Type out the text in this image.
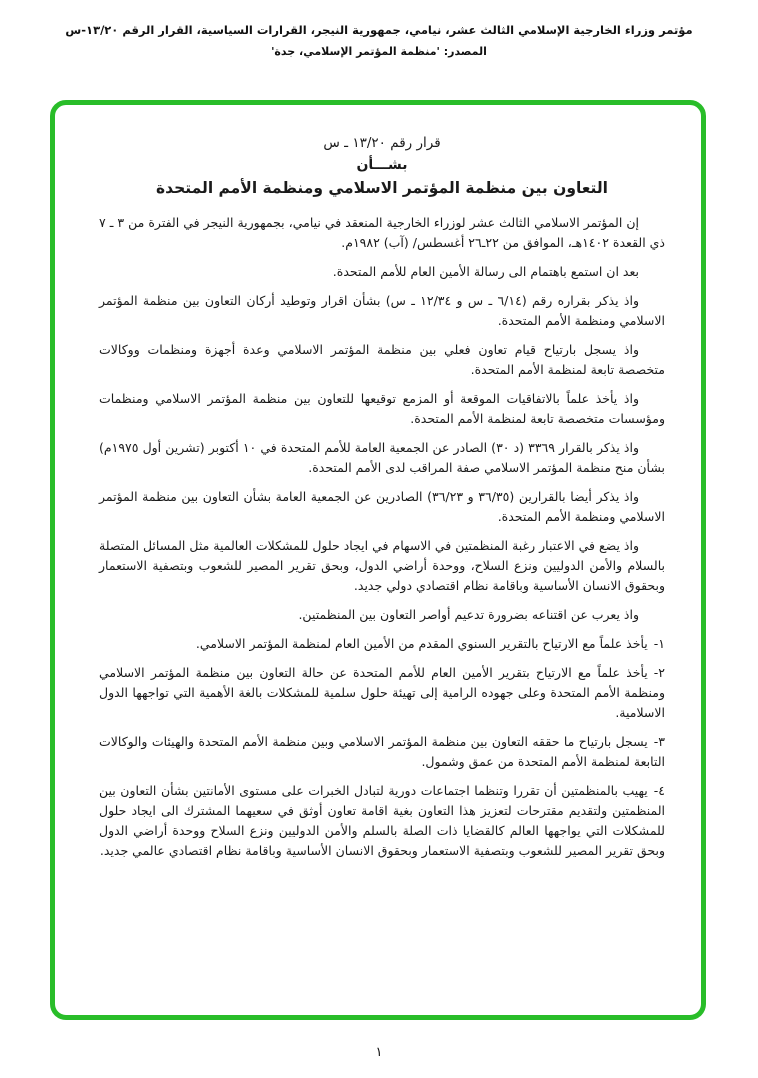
مؤتمر وزراء الخارجية الإسلامي الثالث عشر، نيامي، جمهورية النيجر، القرارات السياسية، القرار الرقم ١٣/٢٠-س
المصدر: 'منظمة المؤتمر الإسلامي، جدة'
قرار رقم ١٣/٢٠ ـ س
بشـــأن
التعاون بين منظمة المؤتمر الاسلامي ومنظمة الأمم المتحدة

إن المؤتمر الاسلامي الثالث عشر لوزراء الخارجية المنعقد في نيامي، بجمهورية النيجر في الفترة من ٣ ـ ٧ ذي القعدة ١٤٠٢هـ، الموافق من ٢٢ـ٢٦ أغسطس/ (آب) ١٩٨٢م.

بعد ان استمع باهتمام الى رسالة الأمين العام للأمم المتحدة.

واذ يذكر بقراره رقم (٦/١٤ ـ س و ١٢/٣٤ ـ س) بشأن اقرار وتوطيد أركان التعاون بين منظمة المؤتمر الاسلامي ومنظمة الأمم المتحدة.

واذ يسجل بارتياح قيام تعاون فعلي بين منظمة المؤتمر الاسلامي وعدة أجهزة ومنظمات ووكالات متخصصة تابعة لمنظمة الأمم المتحدة.

واذ يأخذ علماً بالاتفاقيات الموقعة أو المزمع توقيعها للتعاون بين منظمة المؤتمر الاسلامي ومنظمات ومؤسسات متخصصة تابعة لمنظمة الأمم المتحدة.

واذ يذكر بالقرار ٣٣٦٩ (د ٣٠) الصادر عن الجمعية العامة للأمم المتحدة في ١٠ أكتوبر (تشرين أول ١٩٧٥م) بشأن منح منظمة المؤتمر الاسلامي صفة المراقب لدى الأمم المتحدة.

واذ يذكر أيضا بالقرارين (٣٦/٣٥ و ٣٦/٢٣) الصادرين عن الجمعية العامة بشأن التعاون بين منظمة المؤتمر الاسلامي ومنظمة الأمم المتحدة.

واذ يضع في الاعتبار رغبة المنظمتين في الاسهام في ايجاد حلول للمشكلات العالمية مثل المسائل المتصلة بالسلام والأمن الدوليين ونزع السلاح، ووحدة أراضي الدول، وبحق تقرير المصير للشعوب وبتصفية الاستعمار وبحقوق الانسان الأساسية وباقامة نظام اقتصادي دولي جديد.

واذ يعرب عن اقتناعه بضرورة تدعيم أواصر التعاون بين المنظمتين.

١-يأخذ علماً مع الارتياح بالتقرير السنوي المقدم من الأمين العام لمنظمة المؤتمر الاسلامي.

٢-يأخذ علماً مع الارتياح بتقرير الأمين العام للأمم المتحدة عن حالة التعاون بين منظمة المؤتمر الاسلامي ومنظمة الأمم المتحدة وعلى جهوده الرامية إلى تهيئة حلول سلمية للمشكلات بالغة الأهمية التي تواجهها الدول الاسلامية.

٣-يسجل بارتياح ما حققه التعاون بين منظمة المؤتمر الاسلامي وبين منظمة الأمم المتحدة والهيئات والوكالات التابعة لمنظمة الأمم المتحدة من عمق وشمول.

٤-يهيب بالمنظمتين أن تقررا وتنظما اجتماعات دورية لتبادل الخبرات على مستوى الأمانتين بشأن التعاون بين المنظمتين ولتقديم مقترحات لتعزيز هذا التعاون بغية اقامة تعاون أوثق في سعيهما المشترك الى ايجاد حلول للمشكلات التي يواجهها العالم كالقضايا ذات الصلة بالسلم والأمن الدوليين ونزع السلاح ووحدة أراضي الدول وبحق تقرير المصير للشعوب وبتصفية الاستعمار وبحقوق الانسان الأساسية وباقامة نظام اقتصادي عالمي جديد.

١
